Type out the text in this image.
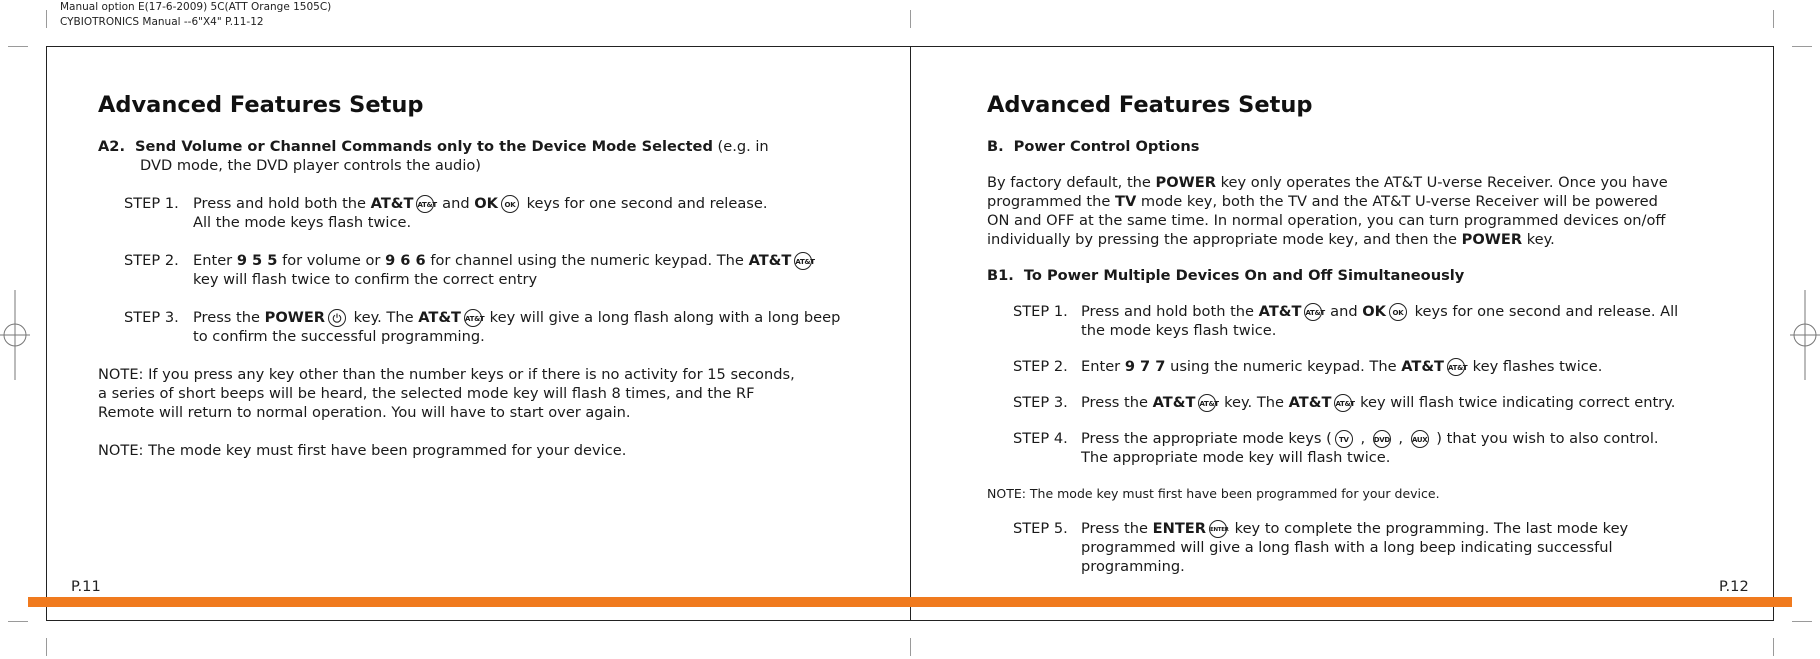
Manual option E(17-6-2009) 5C(ATT Orange 1505C)
CYBIOTRONICS Manual --6"X4" P.11-12
Advanced Features Setup

A2. Send Volume or Channel Commands only to the Device Mode Selected (e.g. in

DVD mode, the DVD player controls the audio)

STEP 1. Press and hold both the AT&T AT&T and OK OK keys for one second and release.

All the mode keys flash twice.

STEP 2. Enter 9 5 5 for volume or 9 6 6 for channel using the numeric keypad. The AT&T AT&T

key will flash twice to confirm the correct entry

STEP 3. Press the POWER key. The AT&T AT&T key will give a long flash along with a long beep

to confirm the successful programming.

NOTE: If you press any key other than the number keys or if there is no activity for 15 seconds,

a series of short beeps will be heard, the selected mode key will flash 8 times, and the RF

Remote will return to normal operation. You will have to start over again.

NOTE: The mode key must first have been programmed for your device.

P.11
Advanced Features Setup

B. Power Control Options

By factory default, the POWER key only operates the AT&T U-verse Receiver. Once you have

programmed the TV mode key, both the TV and the AT&T U-verse Receiver will be powered

ON and OFF at the same time. In normal operation, you can turn programmed devices on/off

individually by pressing the appropriate mode key, and then the POWER key.

B1. To Power Multiple Devices On and Off Simultaneously

STEP 1. Press and hold both the AT&T AT&T and OK OK keys for one second and release. All

the mode keys flash twice.

STEP 2. Enter 9 7 7 using the numeric keypad. The AT&T AT&T key flashes twice.

STEP 3. Press the AT&T AT&T key. The AT&T AT&T key will flash twice indicating correct entry.

STEP 4. Press the appropriate mode keys ( TV , DVD , AUX ) that you wish to also control.

The appropriate mode key will flash twice.

NOTE: The mode key must first have been programmed for your device.

STEP 5. Press the ENTER ENTER key to complete the programming. The last mode key

programmed will give a long flash with a long beep indicating successful

programming.

P.12
